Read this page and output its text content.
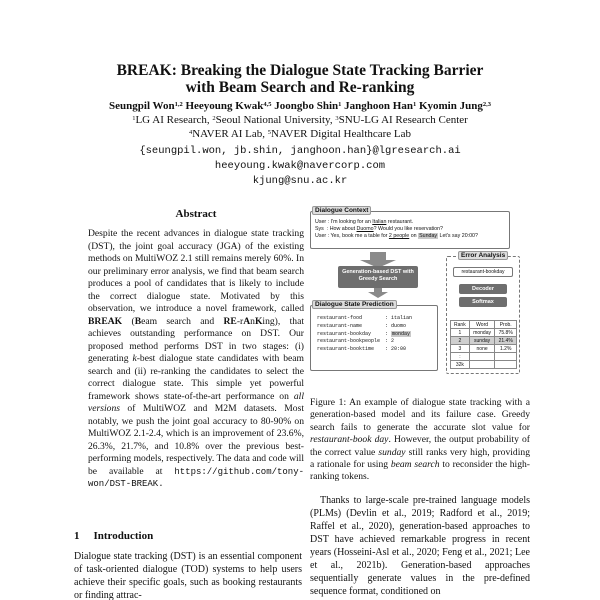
BREAK: Breaking the Dialogue State Tracking Barrier
with Beam Search and Re-ranking
Seungpil Won$^{1,2}$ Heeyoung Kwak$^{4,5}$ Joongbo Shin$^1$ Janghoon Han$^1$ Kyomin Jung$^{2,3}$
$^1$LG AI Research, $^2$Seoul National University, $^3$SNU-LG AI Research Center
$^4$NAVER AI Lab, $^5$NAVER Digital Healthcare Lab
{seungpil.won, jb.shin, janghoon.han}@lgresearch.ai
heeyoung.kwak@navercorp.com
kjung@snu.ac.kr
Abstract
Despite the recent advances in dialogue state tracking (DST), the joint goal accuracy (JGA) of the existing methods on MultiWOZ 2.1 still remains merely 60%. In our preliminary error analysis, we find that beam search produces a pool of candidates that is likely to include the correct dialogue state. Motivated by this observation, we introduce a novel framework, called BREAK (Beam search and RE-rAnKing), that achieves outstanding performance on DST. Our proposed method performs DST in two stages: (i) generating k-best dialogue state candidates with beam search and (ii) re-ranking the candidates to select the correct dialogue state. This simple yet powerful framework shows state-of-the-art performance on all versions of MultiWOZ and M2M datasets. Most notably, we push the joint goal accuracy to 80-90% on MultiWOZ 2.1-2.4, which is an improvement of 23.6%, 26.3%, 21.7%, and 10.8% over the previous best-performing models, respectively. The data and code will be available at https://github.com/tony-won/DST-BREAK.
1 Introduction
Dialogue state tracking (DST) is an essential component of task-oriented dialogue (TOD) systems to help users achieve their specific goals, such as booking restaurants or finding attrac-
User : I'm looking for an Italian restaurant.
Sys  : How about Duomo? Would you like reservation?
User : Yes, book me a table for 2 people on Sunday Let's say 20:00?
Dialogue Context
Generation-based DST with Greedy Search
restaurant-food	: italian
restaurant-name	: duomo
restaurant-bookday	: monday
restaurant-bookpeople : 2
restaurant-booktime : 20:00
Dialogue State Prediction
restaurant-bookday
Decoder
Softmax
Rank	Word	Prob.
1	monday	75.8%
2	sunday	21.4%
3	none	1.2%
:		
32k		
Error Analysis
Figure 1: An example of dialogue state tracking with a generation-based model and its failure case. Greedy search fails to generate the accurate slot value for restaurant-book day. However, the output probability of the correct value sunday still ranks very high, providing a rationale for using beam search to reconsider the high-ranking tokens.
Thanks to large-scale pre-trained language models (PLMs) (Devlin et al., 2019; Radford et al., 2019; Raffel et al., 2020), generation-based approaches to DST have achieved remarkable progress in recent years (Hosseini-Asl et al., 2020; Feng et al., 2021; Lee et al., 2021b). Generation-based approaches sequentially generate values in the pre-defined sequence format, conditioned on
